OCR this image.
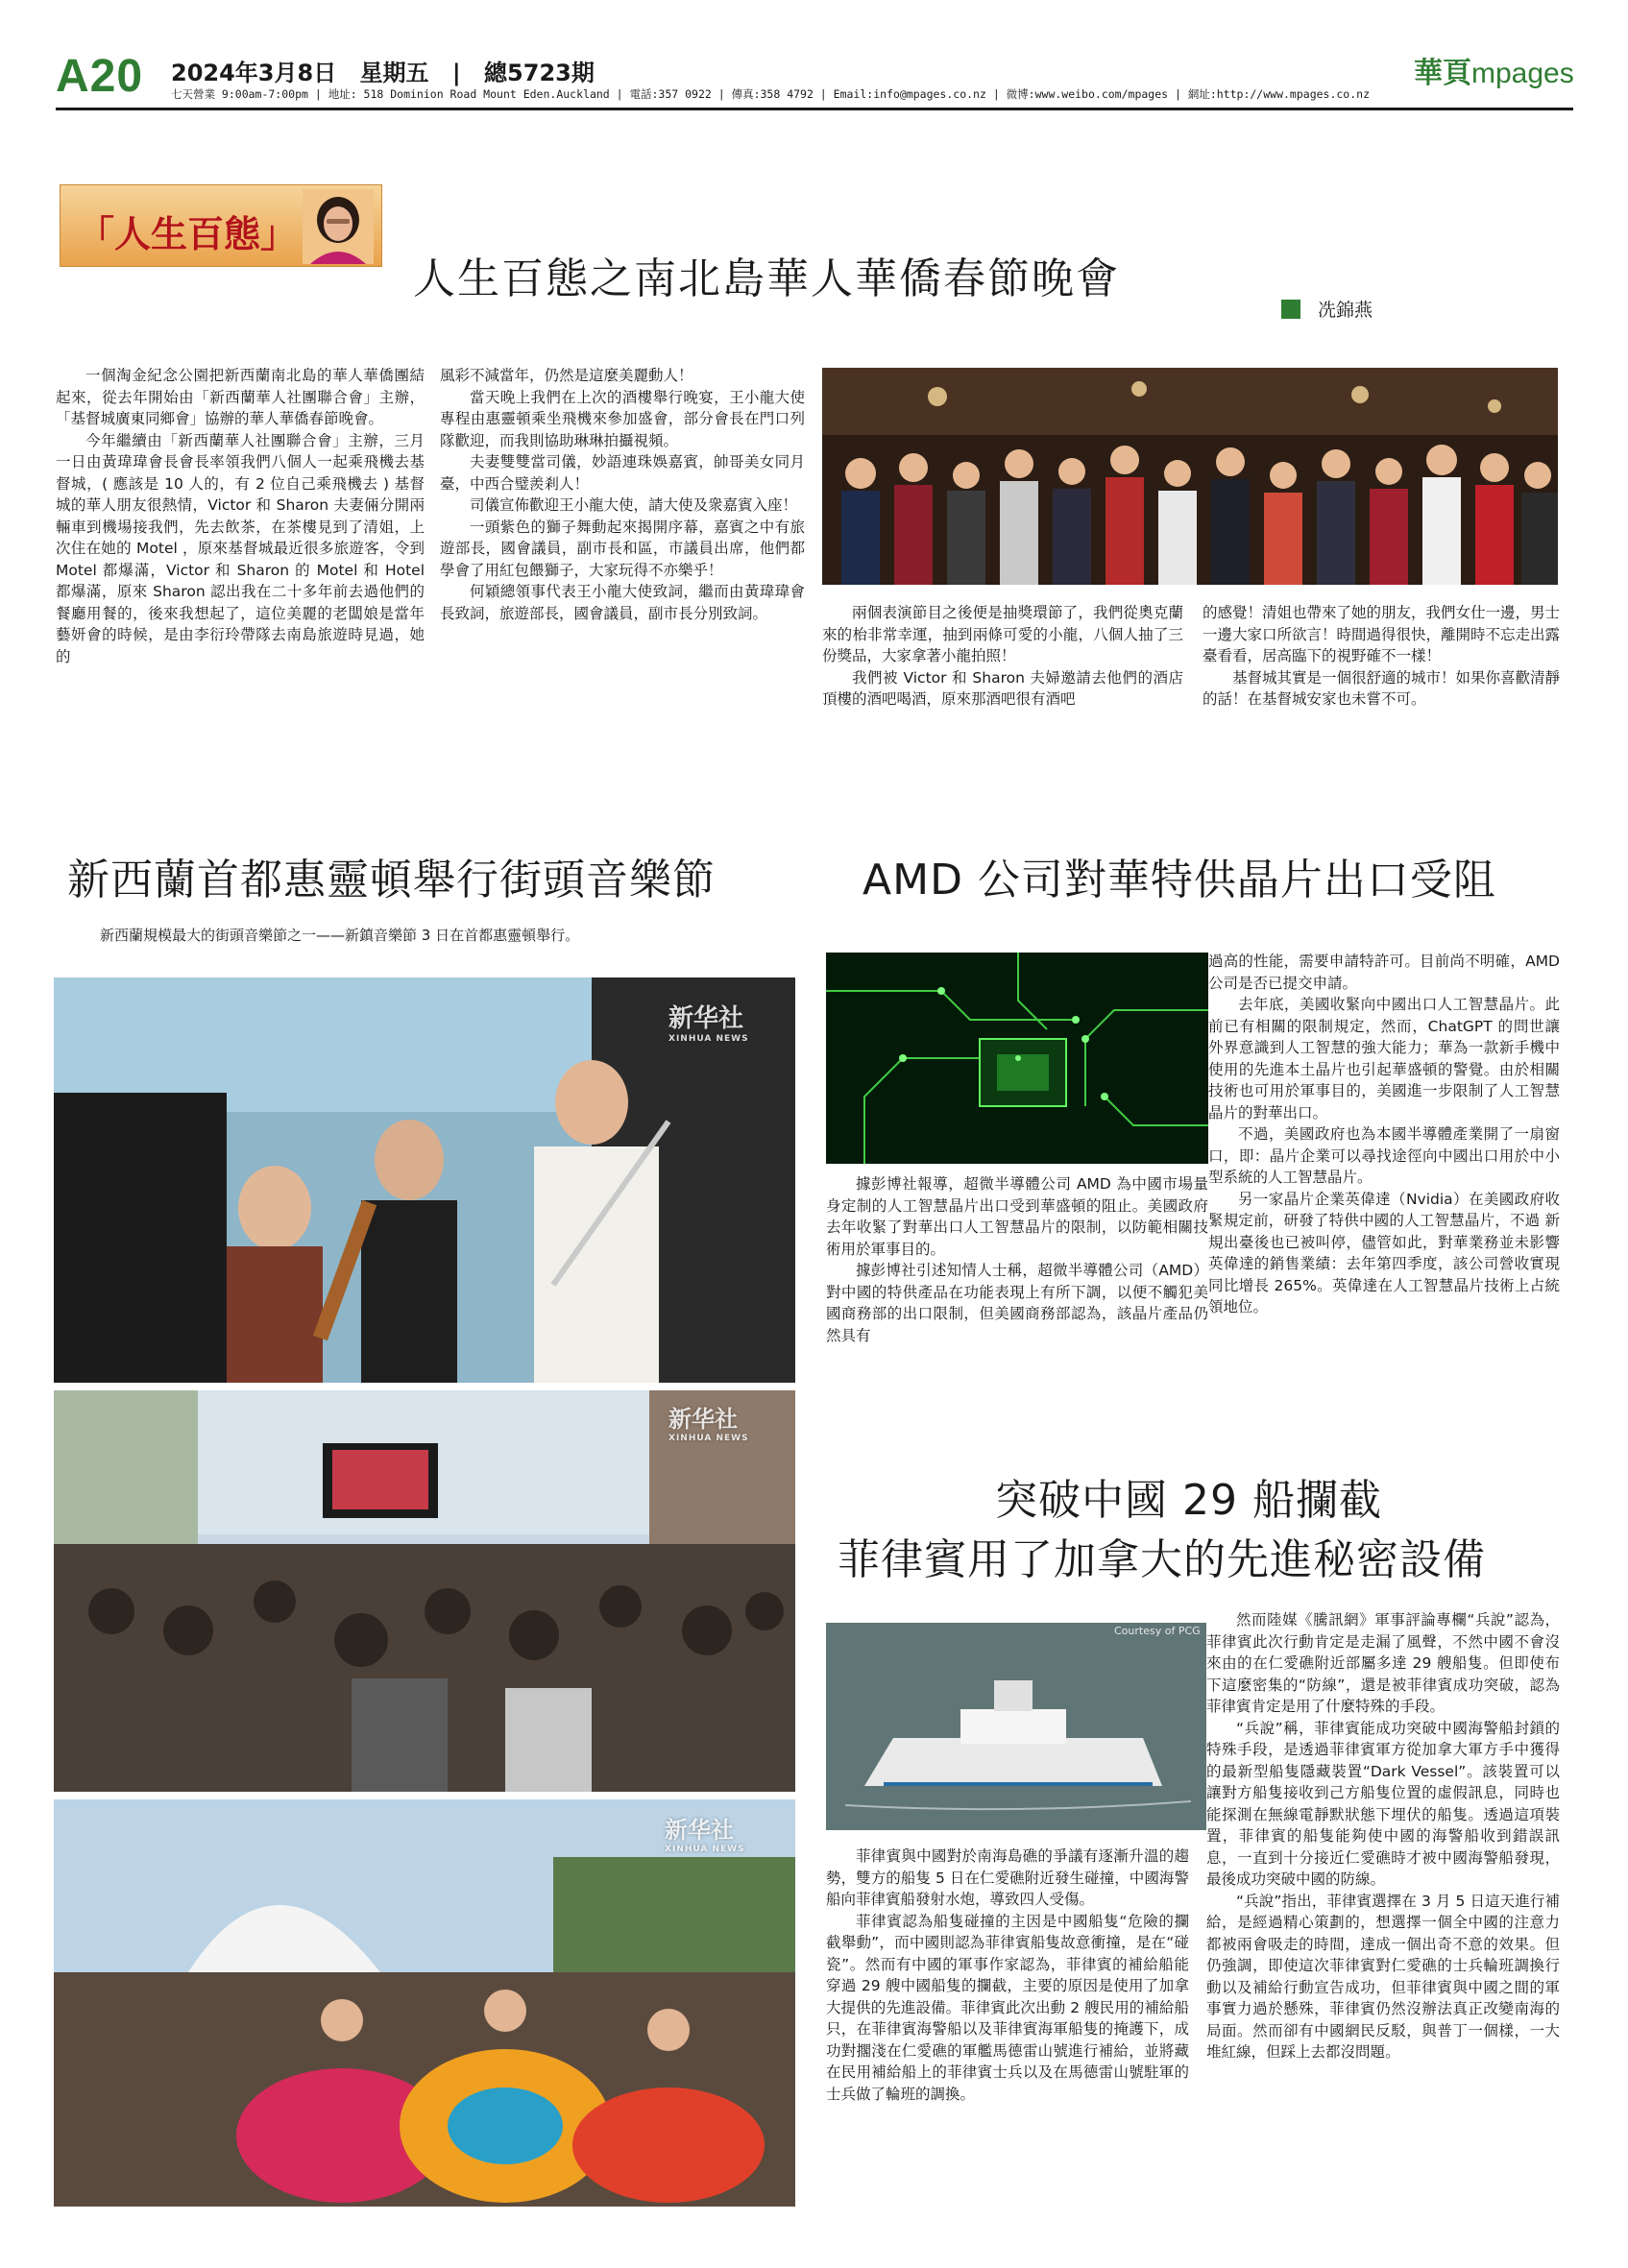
A20 2024年3月8日 星期五 | 總5723期
七天營業 9:00am-7:00pm | 地址: 518 Dominion Road Mount Eden.Auckland | 電話:357 0922 | 傳真:358 4792 | Email:info@mpages.co.nz | 微博:www.weibo.com/mpages | 網址:http://www.mpages.co.nz
華頁 mpages
「人生百態」
人生百態之南北島華人華僑春節晚會
冼錦燕

一個淘金紀念公園把新西蘭南北島的華人華僑團結起來，從去年開始由「新西蘭華人社團聯合會」主辦，「基督城廣東同鄉會」協辦的華人華僑春節晚會。

今年繼續由「新西蘭華人社團聯合會」主辦，三月一日由黃瑋瑋會長會長率領我們八個人一起乘飛機去基督城，( 應該是 10 人的，有 2 位自己乘飛機去 ) 基督城的華人朋友很熱情，Victor 和 Sharon 夫妻倆分開兩輛車到機場接我們，先去飲茶，在茶樓見到了清姐，上次住在她的 Motel ，原來基督城最近很多旅遊客，令到 Motel 都爆滿，Victor 和 Sharon 的 Motel 和 Hotel 都爆滿，原來 Sharon 認出我在二十多年前去過他們的餐廳用餐的，後來我想起了，這位美麗的老闆娘是當年藝妍會的時候，是由李衍玲帶隊去南島旅遊時見過，她的

風彩不減當年，仍然是這麼美麗動人！

當天晚上我們在上次的酒樓舉行晚宴，王小龍大使專程由惠靈頓乘坐飛機來參加盛會，部分會長在門口列隊歡迎，而我則協助琳琳拍攝視頻。

夫妻雙雙當司儀，妙語連珠娛嘉賓，帥哥美女同月臺，中西合璧羨剎人！

司儀宣佈歡迎王小龍大使，請大使及衆嘉賓入座！

一頭紫色的獅子舞動起來揭開序幕，嘉賓之中有旅遊部長，國會議員，副市長和區，市議員出席，他們都學會了用紅包餵獅子，大家玩得不亦樂乎！

何穎總領事代表王小龍大使致詞，繼而由黃瑋瑋會長致詞，旅遊部長，國會議員，副市長分別致詞。	兩個表演節目之後便是抽獎環節了，我們從奧克蘭來的枱非常幸運，抽到兩條可愛的小龍，八個人抽了三份獎品，大家拿著小龍拍照！

我們被 Victor 和 Sharon 夫婦邀請去他們的酒店頂樓的酒吧喝酒，原來那酒吧很有酒吧

的感覺！清姐也帶來了她的朋友，我們女仕一邊，男士一邊大家口所欲言！時間過得很快，離開時不忘走出露臺看看，居高臨下的視野確不一樣！

基督城其實是一個很舒適的城市！如果你喜歡清靜的話！在基督城安家也未嘗不可。

新西蘭首都惠靈頓舉行街頭音樂節
新西蘭規模最大的街頭音樂節之一——新鎮音樂節 3 日在首都惠靈頓舉行。
新华社
XINHUA NEWS
新华社
XINHUA NEWS
新华社
XINHUA NEWS
AMD 公司對華特供晶片出口受阻

據彭博社報導，超微半導體公司 AMD 為中國市場量身定制的人工智慧晶片出口受到華盛頓的阻止。美國政府去年收緊了對華出口人工智慧晶片的限制，以防範相關技術用於軍事目的。

據彭博社引述知情人士稱，超微半導體公司（AMD）對中國的特供產品在功能表現上有所下調，以便不觸犯美國商務部的出口限制，但美國商務部認為，該晶片產品仍然具有

過高的性能，需要申請特許可。目前尚不明確，AMD 公司是否已提交申請。

去年底，美國收緊向中國出口人工智慧晶片。此前已有相關的限制規定，然而，ChatGPT 的問世讓外界意識到人工智慧的強大能力；華為一款新手機中使用的先進本土晶片也引起華盛頓的警覺。由於相關技術也可用於軍事目的，美國進一步限制了人工智慧晶片的對華出口。

不過，美國政府也為本國半導體產業開了一扇窗口，即：晶片企業可以尋找途徑向中國出口用於中小型系統的人工智慧晶片。

另一家晶片企業英偉達（Nvidia）在美國政府收緊規定前，研發了特供中國的人工智慧晶片，不過 新規出臺後也已被叫停，儘管如此，對華業務並未影響英偉達的銷售業績：去年第四季度，該公司營收實現同比增長 265%。英偉達在人工智慧晶片技術上占統領地位。

突破中國 29 船攔截
菲律賓用了加拿大的先進秘密設備
Courtesy of PCG

菲律賓與中國對於南海島礁的爭議有逐漸升溫的趨勢，雙方的船隻 5 日在仁愛礁附近發生碰撞，中國海警船向菲律賓船發射水炮，導致四人受傷。

菲律賓認為船隻碰撞的主因是中國船隻“危險的攔截舉動”，而中國則認為菲律賓船隻故意衝撞，是在“碰瓷”。然而有中國的軍事作家認為，菲律賓的補給船能穿過 29 艘中國船隻的攔截，主要的原因是使用了加拿大提供的先進設備。菲律賓此次出動 2 艘民用的補給船只，在菲律賓海警船以及菲律賓海軍船隻的掩護下，成功對擱淺在仁愛礁的軍艦馬德雷山號進行補給，並將藏在民用補給船上的菲律賓士兵以及在馬德雷山號駐軍的士兵做了輪班的調換。

然而陸媒《騰訊網》軍事評論專欄“兵說”認為，菲律賓此次行動肯定是走漏了風聲，不然中國不會沒來由的在仁愛礁附近部屬多達 29 艘船隻。但即使布下這麼密集的“防線”，還是被菲律賓成功突破，認為菲律賓肯定是用了什麼特殊的手段。

“兵說”稱，菲律賓能成功突破中國海警船封鎖的特殊手段，是透過菲律賓軍方從加拿大軍方手中獲得的最新型船隻隱藏裝置“Dark Vessel”。該裝置可以讓對方船隻接收到己方船隻位置的虛假訊息，同時也能探測在無線電靜默狀態下埋伏的船隻。透過這項裝置，菲律賓的船隻能夠使中國的海警船收到錯誤訊息，一直到十分接近仁愛礁時才被中國海警船發現，最後成功突破中國的防線。

“兵說”指出，菲律賓選擇在 3 月 5 日這天進行補給，是經過精心策劃的，想選擇一個全中國的注意力都被兩會吸走的時間，達成一個出奇不意的效果。但仍強調，即使這次菲律賓對仁愛礁的士兵輪班調換行動以及補給行動宣告成功，但菲律賓與中國之間的軍事實力過於懸殊，菲律賓仍然沒辦法真正改變南海的局面。然而卻有中國網民反駁，與普丁一個樣，一大堆紅線，但踩上去都沒問題。
